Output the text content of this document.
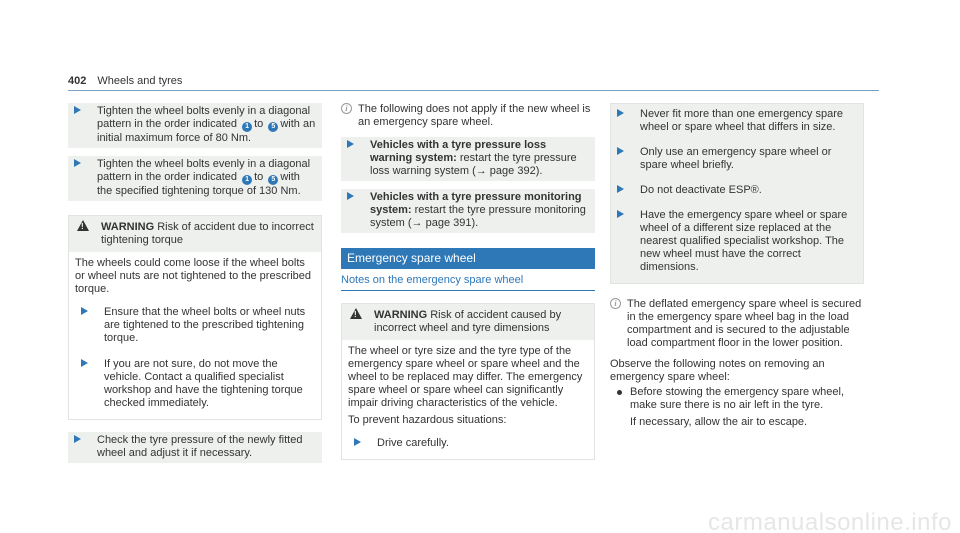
402 Wheels and tyres
Tighten the wheel bolts evenly in a diagonal pattern in the order indicated 1 to 5 with an initial maximum force of 80 Nm.
Tighten the wheel bolts evenly in a diagonal pattern in the order indicated 1 to 5 with the specified tightening torque of 130 Nm.
!
WARNING Risk of accident due to incorrect tightening torque
The wheels could come loose if the wheel bolts or wheel nuts are not tightened to the prescribed torque.
Ensure that the wheel bolts or wheel nuts are tightened to the prescribed tightening torque.
If you are not sure, do not move the vehicle. Contact a qualified specialist workshop and have the tightening torque checked immediately.
Check the tyre pressure of the newly fitted wheel and adjust it if necessary.
i The following does not apply if the new wheel is an emergency spare wheel.
Vehicles with a tyre pressure loss warning system: restart the tyre pressure loss warning system (→ page 392).
Vehicles with a tyre pressure monitoring system: restart the tyre pressure monitoring system (→ page 391).
Emergency spare wheel
Notes on the emergency spare wheel
!
WARNING Risk of accident caused by incorrect wheel and tyre dimensions
The wheel or tyre size and the tyre type of the emergency spare wheel or spare wheel and the wheel to be replaced may differ. The emergency spare wheel or spare wheel can significantly impair driving characteristics of the vehicle.
To prevent hazardous situations:
Drive carefully.
Never fit more than one emergency spare wheel or spare wheel that differs in size.
Only use an emergency spare wheel or spare wheel briefly.
Do not deactivate ESP®.
Have the emergency spare wheel or spare wheel of a different size replaced at the nearest qualified specialist workshop. The new wheel must have the correct dimensions.
i The deflated emergency spare wheel is secured in the emergency spare wheel bag in the load compartment and is secured to the adjustable load compartment floor in the lower position.
Observe the following notes on removing an emergency spare wheel:
Before stowing the emergency spare wheel, make sure there is no air left in the tyre.
If necessary, allow the air to escape.
carmanualsonline.info
